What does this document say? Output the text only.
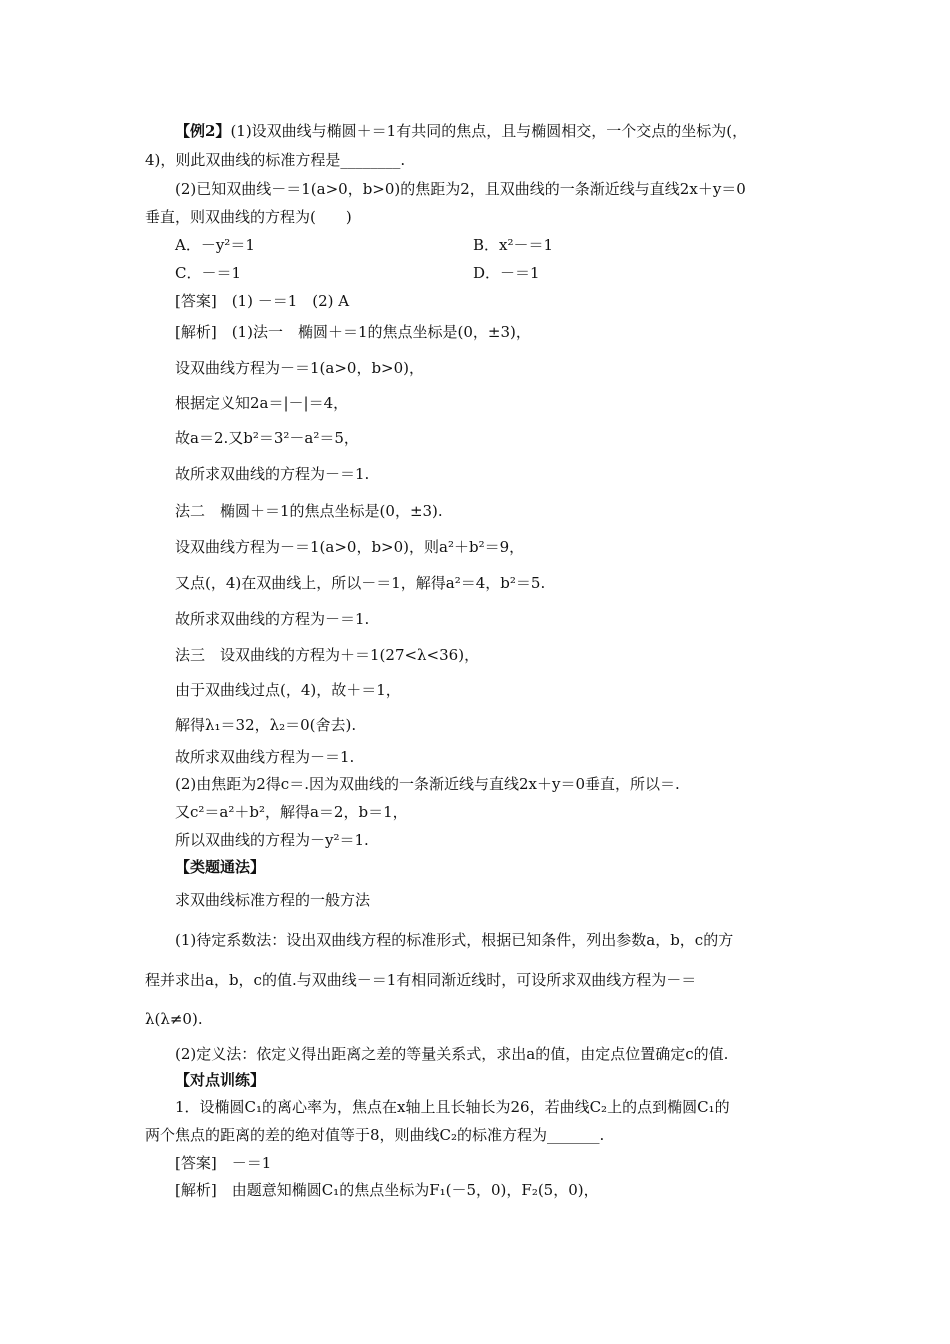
【例2】(1)设双曲线与椭圆＋＝1有共同的焦点，且与椭圆相交，一个交点的坐标为(，
4)，则此双曲线的标准方程是________.
(2)已知双曲线－＝1(a>0，b>0)的焦距为2，且双曲线的一条渐近线与直线2x＋y＝0
垂直，则双曲线的方程为(　　)
A．－y²＝1	B．x²－＝1
C．－＝1	D．－＝1
[答案]　(1) －＝1　(2) A
[解析]　(1)法一　椭圆＋＝1的焦点坐标是(0，±3)，
设双曲线方程为－＝1(a>0，b>0)，
根据定义知2a＝|－|＝4，
故a＝2.又b²＝3²－a²＝5，
故所求双曲线的方程为－＝1.
法二　椭圆＋＝1的焦点坐标是(0，±3).
设双曲线方程为－＝1(a>0，b>0)，则a²＋b²＝9，
又点(，4)在双曲线上，所以－＝1，解得a²＝4，b²＝5.
故所求双曲线的方程为－＝1.
法三　设双曲线的方程为＋＝1(27<λ<36)，
由于双曲线过点(，4)，故＋＝1，
解得λ₁＝32，λ₂＝0(舍去).
故所求双曲线方程为－＝1.
(2)由焦距为2得c＝.因为双曲线的一条渐近线与直线2x＋y＝0垂直，所以＝.
又c²＝a²＋b²，解得a＝2，b＝1，
所以双曲线的方程为－y²＝1.
【类题通法】
求双曲线标准方程的一般方法
(1)待定系数法：设出双曲线方程的标准形式，根据已知条件，列出参数a，b，c的方
程并求出a，b，c的值.与双曲线－＝1有相同渐近线时，可设所求双曲线方程为－＝
λ(λ≠0).
(2)定义法：依定义得出距离之差的等量关系式，求出a的值，由定点位置确定c的值.
【对点训练】
1．设椭圆C₁的离心率为，焦点在x轴上且长轴长为26，若曲线C₂上的点到椭圆C₁的
两个焦点的距离的差的绝对值等于8，则曲线C₂的标准方程为_______.
[答案]　－＝1
[解析]　由题意知椭圆C₁的焦点坐标为F₁(－5，0)，F₂(5，0)，
